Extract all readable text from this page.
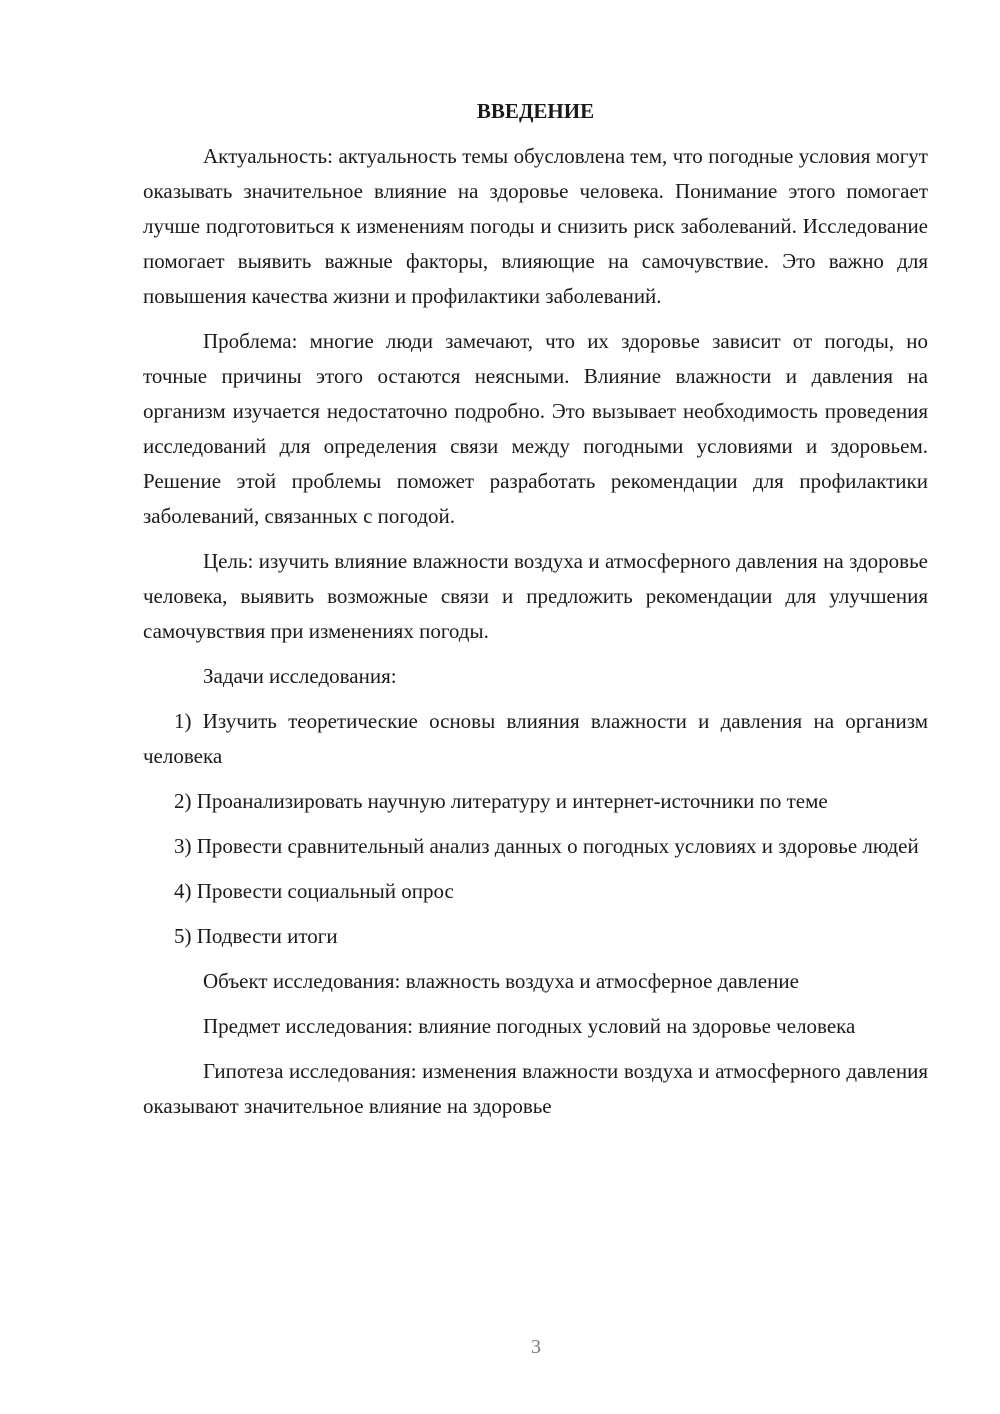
ВВЕДЕНИЕ

Актуальность: актуальность темы обусловлена тем, что погодные условия могут оказывать значительное влияние на здоровье человека. Понимание этого помогает лучше подготовиться к изменениям погоды и снизить риск заболеваний. Исследование помогает выявить важные факторы, влияющие на самочувствие. Это важно для повышения качества жизни и профилактики заболеваний.

Проблема: многие люди замечают, что их здоровье зависит от погоды, но точные причины этого остаются неясными. Влияние влажности и давления на организм изучается недостаточно подробно. Это вызывает необходимость проведения исследований для определения связи между погодными условиями и здоровьем. Решение этой проблемы поможет разработать рекомендации для профилактики заболеваний, связанных с погодой.

Цель: изучить влияние влажности воздуха и атмосферного давления на здоровье человека, выявить возможные связи и предложить рекомендации для улучшения самочувствия при изменениях погоды.

Задачи исследования:

1) Изучить теоретические основы влияния влажности и давления на организм человека

2) Проанализировать научную литературу и интернет-источники по теме

3) Провести сравнительный анализ данных о погодных условиях и здоровье людей

4) Провести социальный опрос

5) Подвести итоги

Объект исследования: влажность воздуха и атмосферное давление

Предмет исследования: влияние погодных условий на здоровье человека

Гипотеза исследования: изменения влажности воздуха и атмосферного давления оказывают значительное влияние на здоровье

3
